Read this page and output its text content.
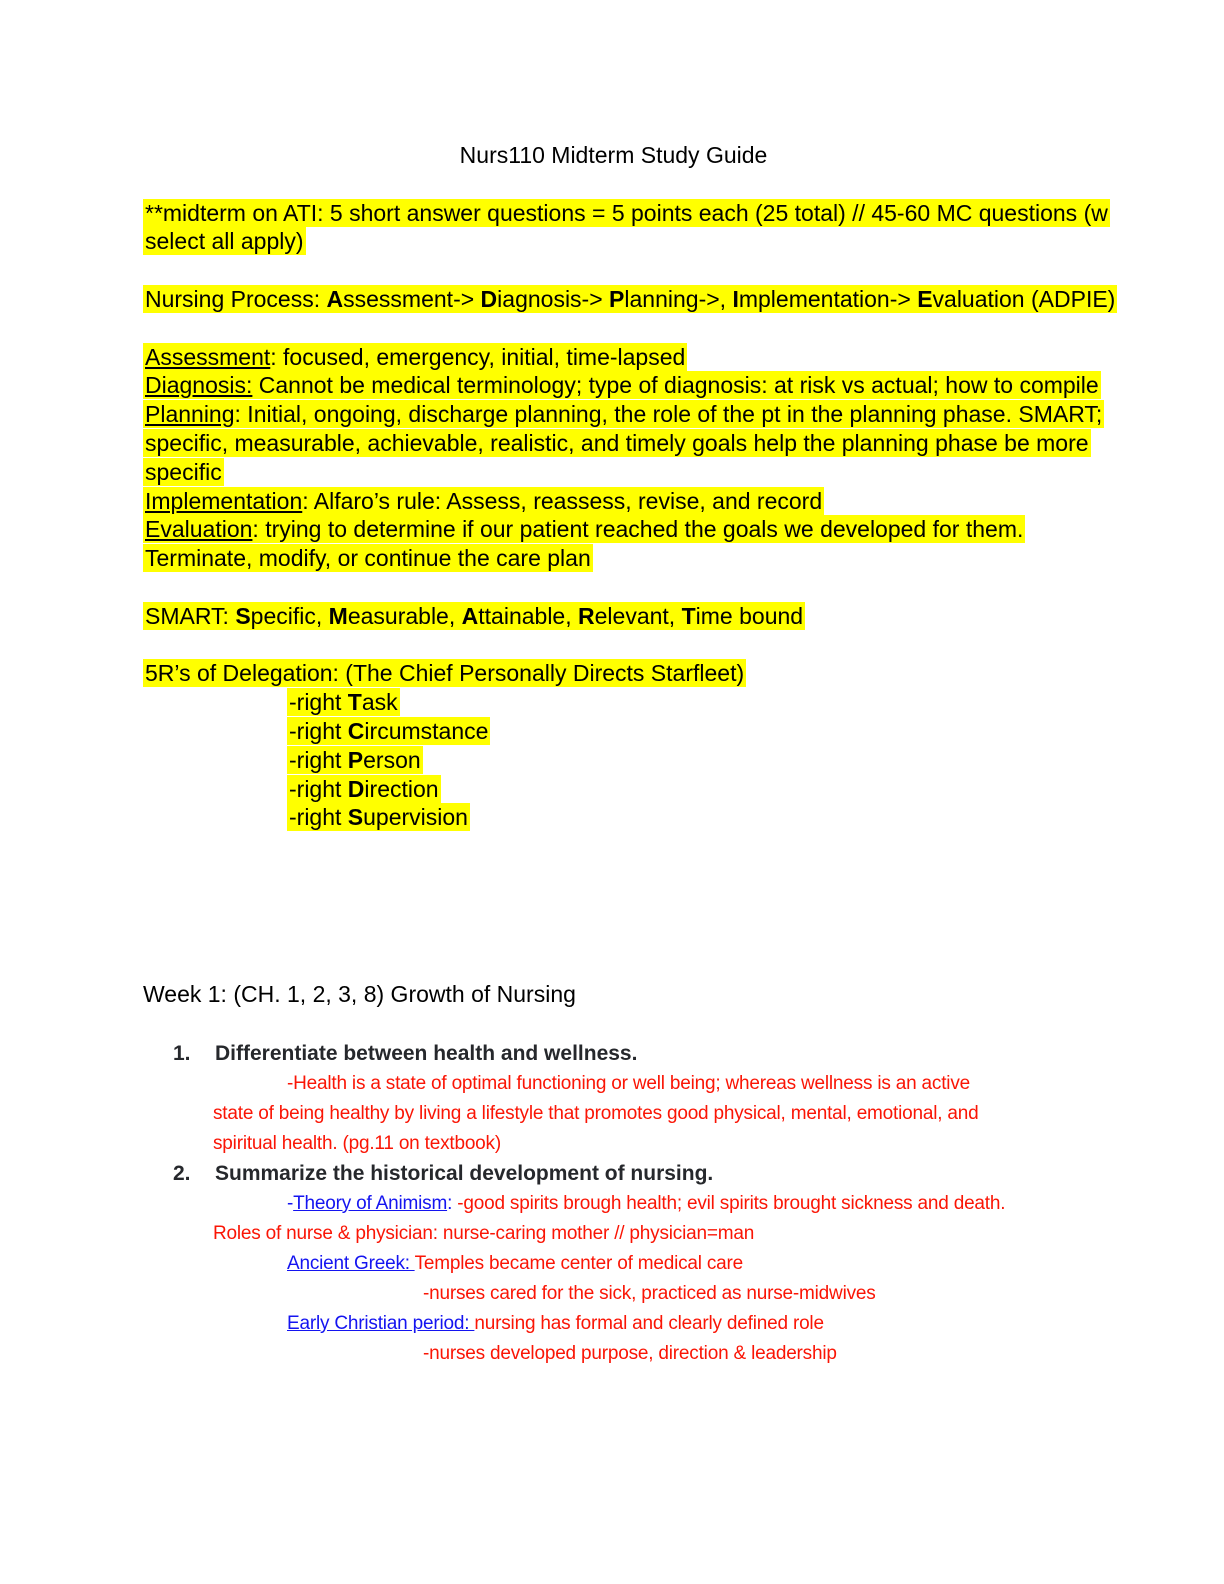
Nurs110 Midterm Study Guide
**midterm on ATI: 5 short answer questions = 5 points each (25 total) // 45-60 MC questions (w
select all apply)
Nursing Process: Assessment-> Diagnosis-> Planning->, Implementation-> Evaluation (ADPIE)
Assessment: focused, emergency, initial, time-lapsed
Diagnosis: Cannot be medical terminology; type of diagnosis: at risk vs actual; how to compile
Planning: Initial, ongoing, discharge planning, the role of the pt in the planning phase. SMART;
specific, measurable, achievable, realistic, and timely goals help the planning phase be more
specific
Implementation: Alfaro’s rule: Assess, reassess, revise, and record
Evaluation: trying to determine if our patient reached the goals we developed for them.
Terminate, modify, or continue the care plan
SMART: Specific, Measurable, Attainable, Relevant, Time bound
5R’s of Delegation: (The Chief Personally Directs Starfleet)
-right Task
-right Circumstance
-right Person
-right Direction
-right Supervision
Week 1: (CH. 1, 2, 3, 8) Growth of Nursing
1. Differentiate between health and wellness.
-Health is a state of optimal functioning or well being; whereas wellness is an active
state of being healthy by living a lifestyle that promotes good physical, mental, emotional, and
spiritual health. (pg.11 on textbook)
2. Summarize the historical development of nursing.
-Theory of Animism: -good spirits brough health; evil spirits brought sickness and death.
Roles of nurse & physician: nurse-caring mother // physician=man
Ancient Greek: Temples became center of medical care
-nurses cared for the sick, practiced as nurse-midwives
Early Christian period: nursing has formal and clearly defined role
-nurses developed purpose, direction & leadership
